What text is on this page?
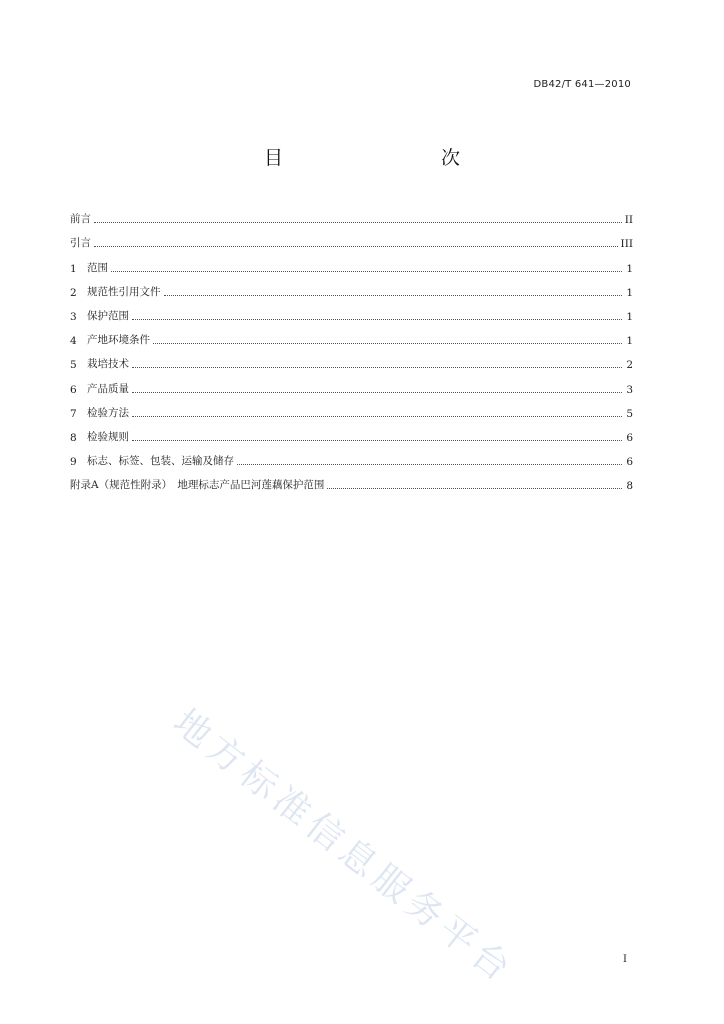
DB42/T 641—2010
目　　次
前言	II
引言	III
1 范围	1
2 规范性引用文件	1
3 保护范围	1
4 产地环境条件	1
5 栽培技术	2
6 产品质量	3
7 检验方法	5
8 检验规则	6
9 标志、标签、包装、运输及储存	6
附录A（规范性附录）　地理标志产品巴河莲藕保护范围	8
地方标准信息服务平台	I
